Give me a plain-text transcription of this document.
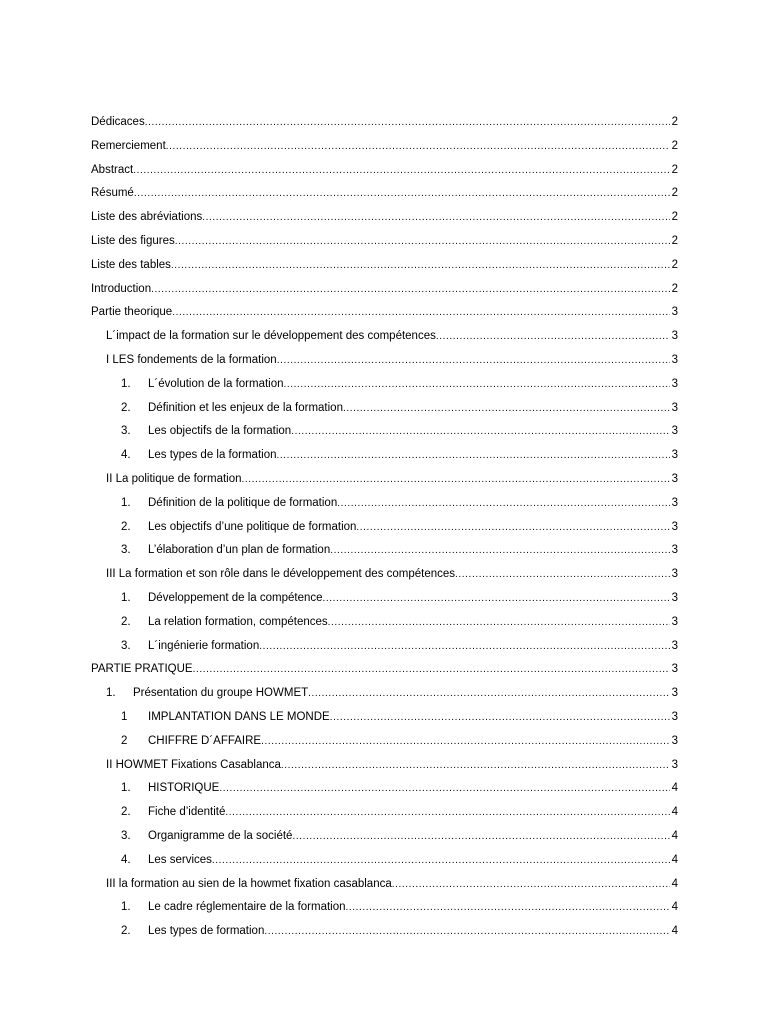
Dédicaces .....	2
Remerciement .....	2
Abstract .....	2
Résumé .....	2
Liste des abréviations .....	2
Liste des figures .....	2
Liste des tables .....	2
Introduction .....	2
Partie theorique .....	3
L´impact de la formation sur le développement des compétences .....	3
I LES fondements de la formation .....	3
1.	L´évolution de la formation .....	3
2.	Définition et les enjeux de la formation .....	3
3.	Les objectifs de la formation .....	3
4.	Les types de la formation .....	3
II La politique de formation .....	3
1.	Définition de la politique de formation .....	3
2.	Les objectifs d’une politique de formation .....	3
3.	L’élaboration d’un plan de formation .....	3
III La formation et son rôle dans le développement des compétences .....	3
1.	Développement de la compétence .....	3
2.	La relation formation, compétences .....	3
3.	L´ingénierie formation .....	3
PARTIE PRATIQUE .....	3
1.	Présentation du groupe HOWMET .....	3
1	IMPLANTATION DANS LE MONDE .....	3
2	CHIFFRE D´AFFAIRE .....	3
II HOWMET Fixations Casablanca .....	3
1.	HISTORIQUE .....	4
2.	Fiche d’identité .....	4
3.	Organigramme de la société .....	4
4.	Les services .....	4
III la formation au sien de la howmet fixation casablanca .....	4
1.	Le cadre réglementaire de la formation .....	4
2.	Les types de formation .....	4
